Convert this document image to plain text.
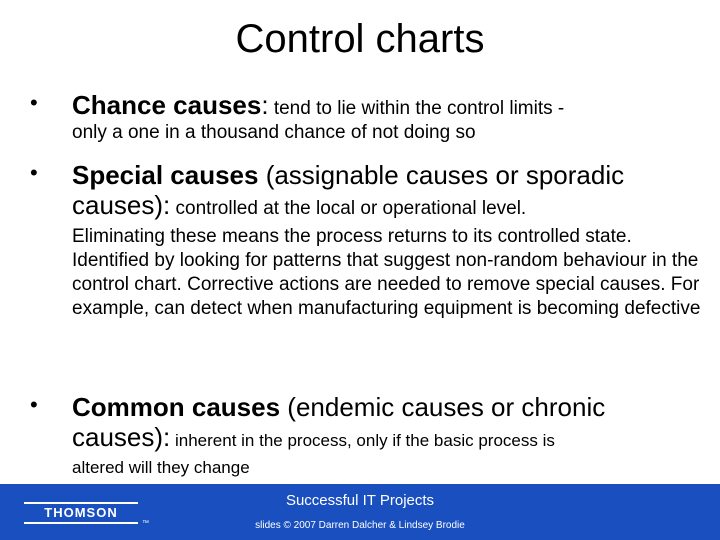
Control charts
• Chance causes: tend to lie within the control limits -
only a one in a thousand chance of not doing so
• Special causes (assignable causes or sporadic
causes): controlled at the local or operational level.
Eliminating these means the process returns to its controlled state. Identified by looking for patterns that suggest non-random behaviour in the control chart. Corrective actions are needed to remove special causes. For example, can detect when manufacturing equipment is becoming defective
• Common causes (endemic causes or chronic
causes): inherent in the process, only if the basic process is
altered will they change
THOMSON
™
Successful IT Projects
slides © 2007 Darren Dalcher & Lindsey Brodie
